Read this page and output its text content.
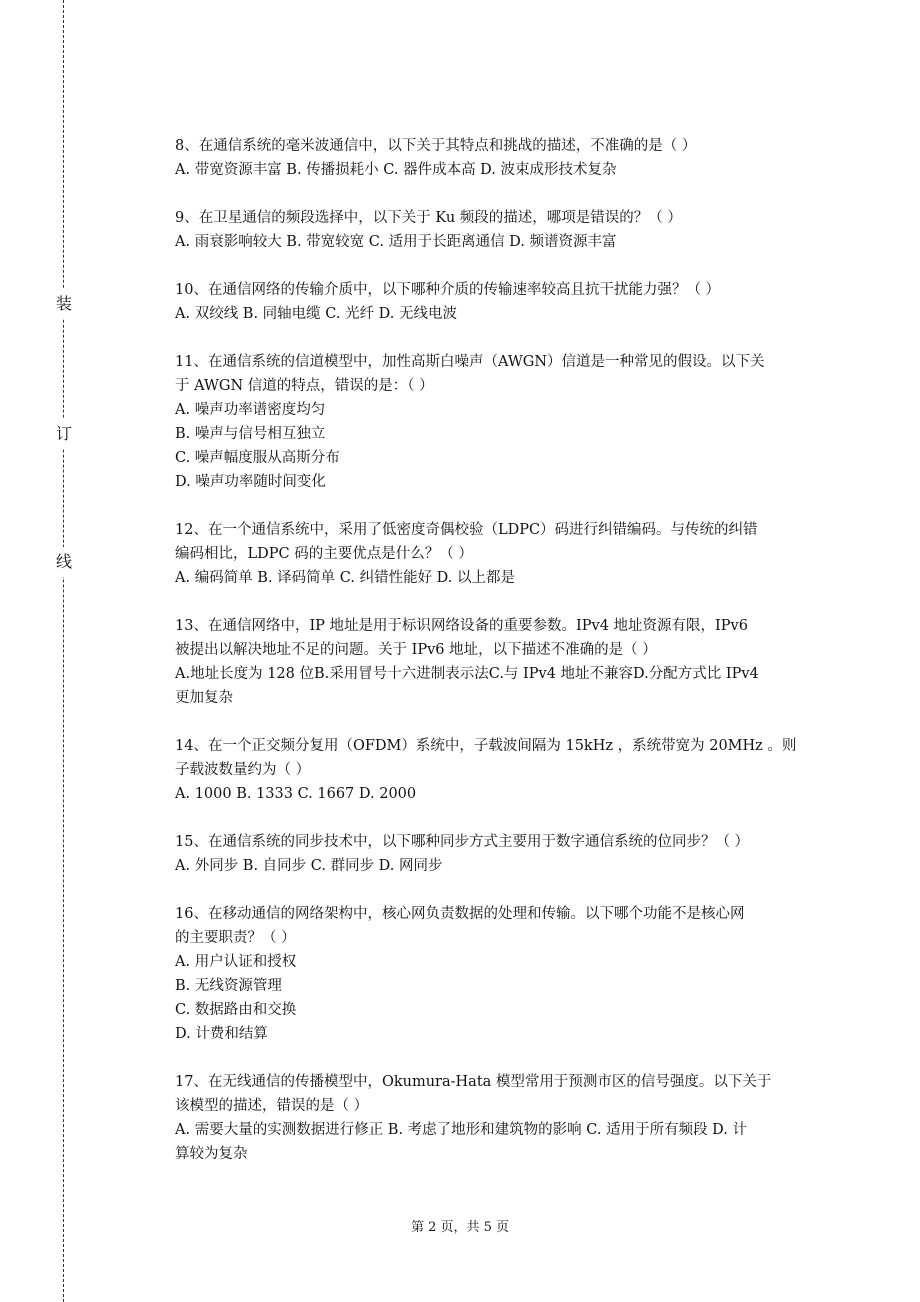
装
订
线

8、在通信系统的毫米波通信中，以下关于其特点和挑战的描述，不准确的是（ ）

A. 带宽资源丰富 B. 传播损耗小 C. 器件成本高 D. 波束成形技术复杂

9、在卫星通信的频段选择中，以下关于 Ku 频段的描述，哪项是错误的？（ ）

A. 雨衰影响较大 B. 带宽较宽 C. 适用于长距离通信 D. 频谱资源丰富

10、在通信网络的传输介质中，以下哪种介质的传输速率较高且抗干扰能力强？（ ）

A. 双绞线 B. 同轴电缆 C. 光纤 D. 无线电波

11、在通信系统的信道模型中，加性高斯白噪声（AWGN）信道是一种常见的假设。以下关

于 AWGN 信道的特点，错误的是：（ ）

A. 噪声功率谱密度均匀

B. 噪声与信号相互独立

C. 噪声幅度服从高斯分布

D. 噪声功率随时间变化

12、在一个通信系统中，采用了低密度奇偶校验（LDPC）码进行纠错编码。与传统的纠错

编码相比，LDPC 码的主要优点是什么？（ ）

A. 编码简单 B. 译码简单 C. 纠错性能好 D. 以上都是

13、在通信网络中，IP 地址是用于标识网络设备的重要参数。IPv4 地址资源有限，IPv6

被提出以解决地址不足的问题。关于 IPv6 地址，以下描述不准确的是（ ）

A.地址长度为 128 位B.采用冒号十六进制表示法C.与 IPv4 地址不兼容D.分配方式比 IPv4

更加复杂

14、在一个正交频分复用（OFDM）系统中，子载波间隔为 15kHz ，系统带宽为 20MHz 。则

子载波数量约为（ ）

A. 1000 B. 1333 C. 1667 D. 2000

15、在通信系统的同步技术中，以下哪种同步方式主要用于数字通信系统的位同步？（ ）

A. 外同步 B. 自同步 C. 群同步 D. 网同步

16、在移动通信的网络架构中，核心网负责数据的处理和传输。以下哪个功能不是核心网

的主要职责？（ ）

A. 用户认证和授权

B. 无线资源管理

C. 数据路由和交换

D. 计费和结算

17、在无线通信的传播模型中，Okumura-Hata 模型常用于预测市区的信号强度。以下关于

该模型的描述，错误的是（ ）

A. 需要大量的实测数据进行修正 B. 考虑了地形和建筑物的影响 C. 适用于所有频段 D. 计

算较为复杂

第 2 页，共 5 页
